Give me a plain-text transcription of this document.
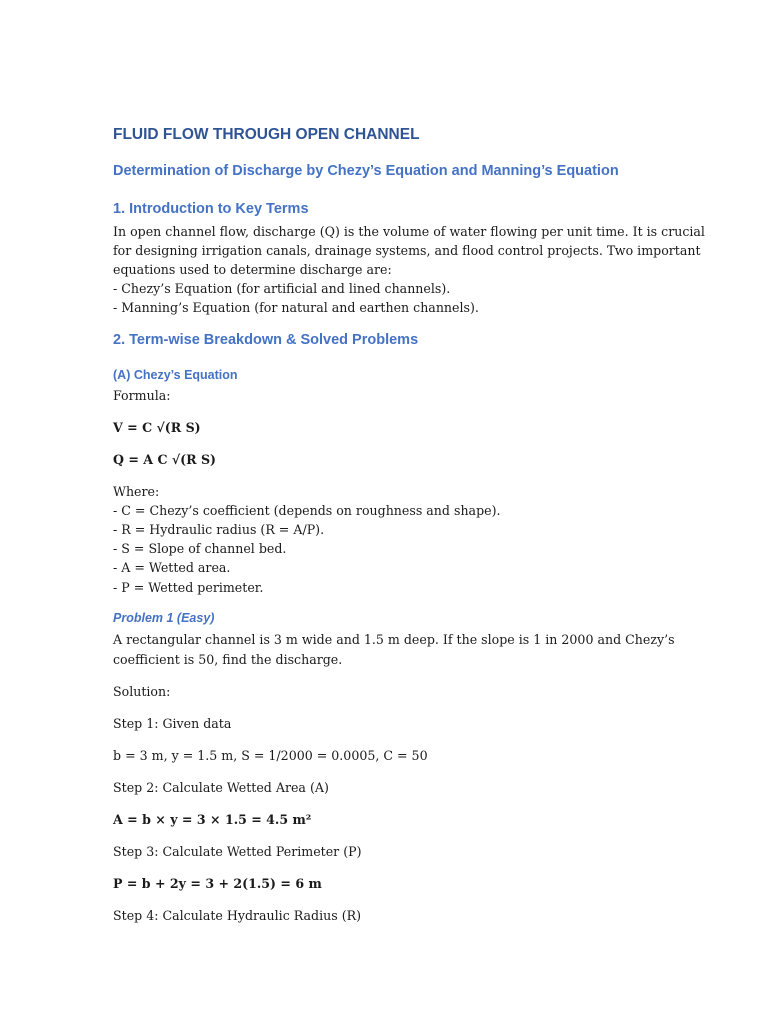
FLUID FLOW THROUGH OPEN CHANNEL
Determination of Discharge by Chezy’s Equation and Manning’s Equation
1. Introduction to Key Terms

In open channel flow, discharge (Q) is the volume of water flowing per unit time. It is crucial

for designing irrigation canals, drainage systems, and flood control projects. Two important

equations used to determine discharge are:

- Chezy’s Equation (for artificial and lined channels).

- Manning’s Equation (for natural and earthen channels).

2. Term-wise Breakdown & Solved Problems
(A) Chezy’s Equation

Formula:

V = C √(R S)

Q = A C √(R S)

Where:

- C = Chezy’s coefficient (depends on roughness and shape).

- R = Hydraulic radius (R = A/P).

- S = Slope of channel bed.

- A = Wetted area.

- P = Wetted perimeter.

Problem 1 (Easy)

A rectangular channel is 3 m wide and 1.5 m deep. If the slope is 1 in 2000 and Chezy’s

coefficient is 50, find the discharge.

Solution:

Step 1: Given data

b = 3 m, y = 1.5 m, S = 1/2000 = 0.0005, C = 50

Step 2: Calculate Wetted Area (A)

A = b × y = 3 × 1.5 = 4.5 m²

Step 3: Calculate Wetted Perimeter (P)

P = b + 2y = 3 + 2(1.5) = 6 m

Step 4: Calculate Hydraulic Radius (R)
